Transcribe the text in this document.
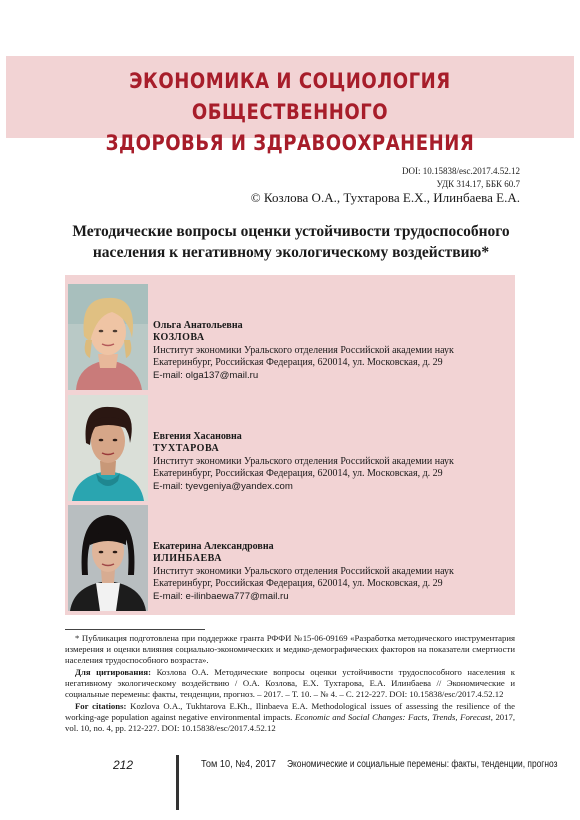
ЭКОНОМИКА И СОЦИОЛОГИЯ ОБЩЕСТВЕННОГО
ЗДОРОВЬЯ И ЗДРАВООХРАНЕНИЯ
DOI: 10.15838/esc.2017.4.52.12
УДК 314.17, ББК 60.7
© Козлова О.А., Тухтарова Е.Х., Илинбаева Е.А.
Методические вопросы оценки устойчивости трудоспособного
населения к негативному экологическому воздействию*
Ольга Анатольевна
КОЗЛОВА
Институт экономики Уральского отделения Российской академии наук
Екатеринбург, Российская Федерация, 620014, ул. Московская, д. 29
E-mail: olga137@mail.ru
Евгения Хасановна
ТУХТАРОВА
Институт экономики Уральского отделения Российской академии наук
Екатеринбург, Российская Федерация, 620014, ул. Московская, д. 29
E-mail: tyevgeniya@yandex.com
Екатерина Александровна
ИЛИНБАЕВА
Институт экономики Уральского отделения Российской академии наук
Екатеринбург, Российская Федерация, 620014, ул. Московская, д. 29
E-mail: e-ilinbaewa777@mail.ru
* Публикация подготовлена при поддержке гранта РФФИ №15-06-09169 «Разработка методического инструментария измерения и оценки влияния социально-экономических и медико-демографических факторов на показатели смертности населения трудоспособного возраста».
Для цитирования: Козлова О.А. Методические вопросы оценки устойчивости трудоспособного населения к негативному экологическому воздействию / О.А. Козлова, Е.Х. Тухтарова, Е.А. Илинбаева // Экономические и социальные перемены: факты, тенденции, прогноз. – 2017. – Т. 10. – № 4. – С. 212-227. DOI: 10.15838/esc/2017.4.52.12
For citations: Kozlova O.A., Tukhtarova E.Kh., Ilinbaeva E.A. Methodological issues of assessing the resilience of the working-age population against negative environmental impacts. Economic and Social Changes: Facts, Trends, Forecast, 2017, vol. 10, no. 4, pp. 212-227. DOI: 10.15838/esc/2017.4.52.12
212	Том 10, №4, 2017 Экономические и социальные перемены: факты, тенденции, прогноз
